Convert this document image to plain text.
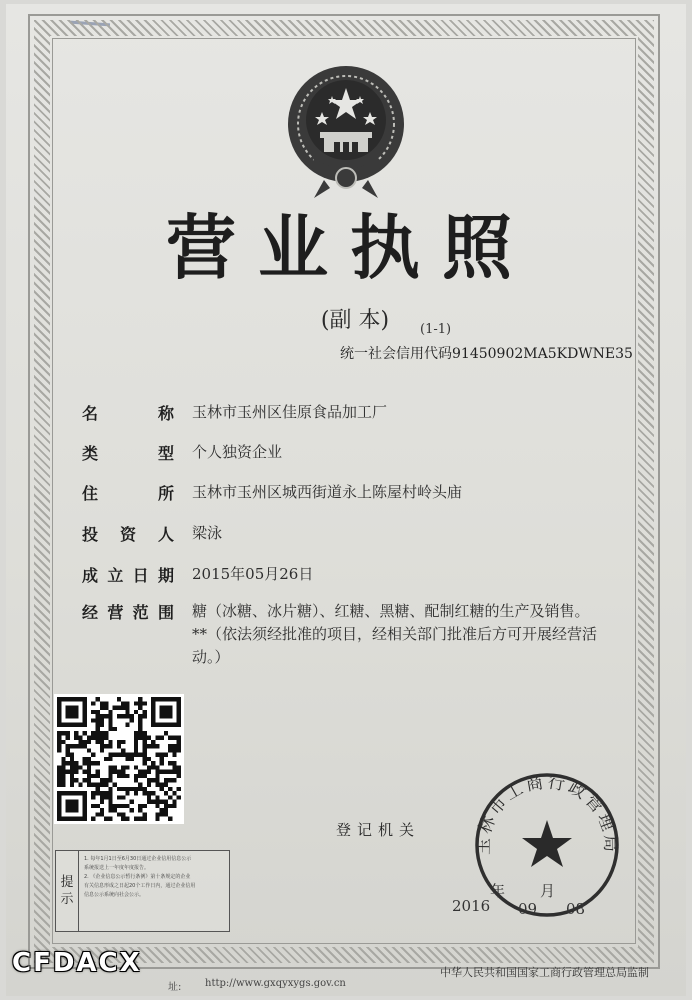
营业执照
(副 本)	(1-1)
统一社会信用代码91450902MA5KDWNE35
名	称 玉林市玉州区佳原食品加工厂
类	型 个人独资企业
住	所 玉林市玉州区城西街道永上陈屋村岭头庙
投 资 人 梁泳
成 立 日 期 2015年05月26日
经 营 范 围 糖（冰糖、冰片糖）、红糖、黑糖、配制红糖的生产及销售。**（依法须经批准的项目，经相关部门批准后方可开展经营活动。）
登记机关
玉林市工商行政管理局
2016
年
09
月
08
提
示
1. 每年1月1日至6月30日通过企业信用信息公示
系统报送上一年度年度报告。
2. 《企业信息公示暂行条例》第十条规定的企业
有关信息形成之日起20个工作日内，通过企业信用
信息公示系统向社会公示。
址: http://www.gxqyxygs.gov.cn
中华人民共和国国家工商行政管理总局监制
CFDACX
